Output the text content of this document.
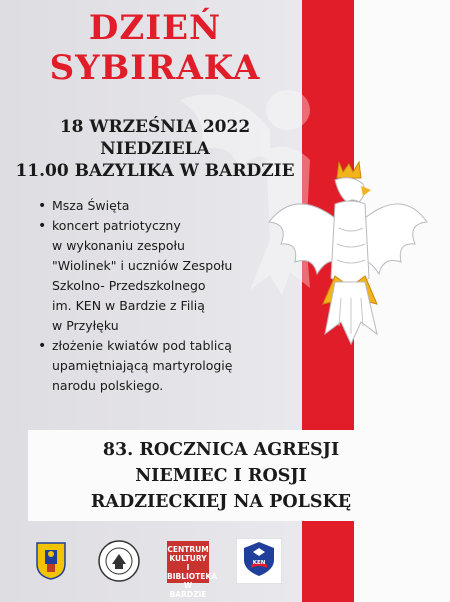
DZIEŃ
SYBIRAKA
18 WRZEŚNIA 2022
NIEDZIELA
11.00 BAZYLIKA W BARDZIE
• Msza Święta
• koncert patriotyczny
w wykonaniu zespołu
"Wiolinek" i uczniów Zespołu
Szkolno- Przedszkolnego
im. KEN w Bardzie z Filią
w Przyłęku
• złożenie kwiatów pod tablicą
upamiętniającą martyrologię
narodu polskiego.
83. ROCZNICA AGRESJI
NIEMIEC I ROSJI
RADZIECKIEJ NA POLSKĘ
CENTRUM
KULTURY I
BIBLIOTEKA
W BARDZIE
KEN
